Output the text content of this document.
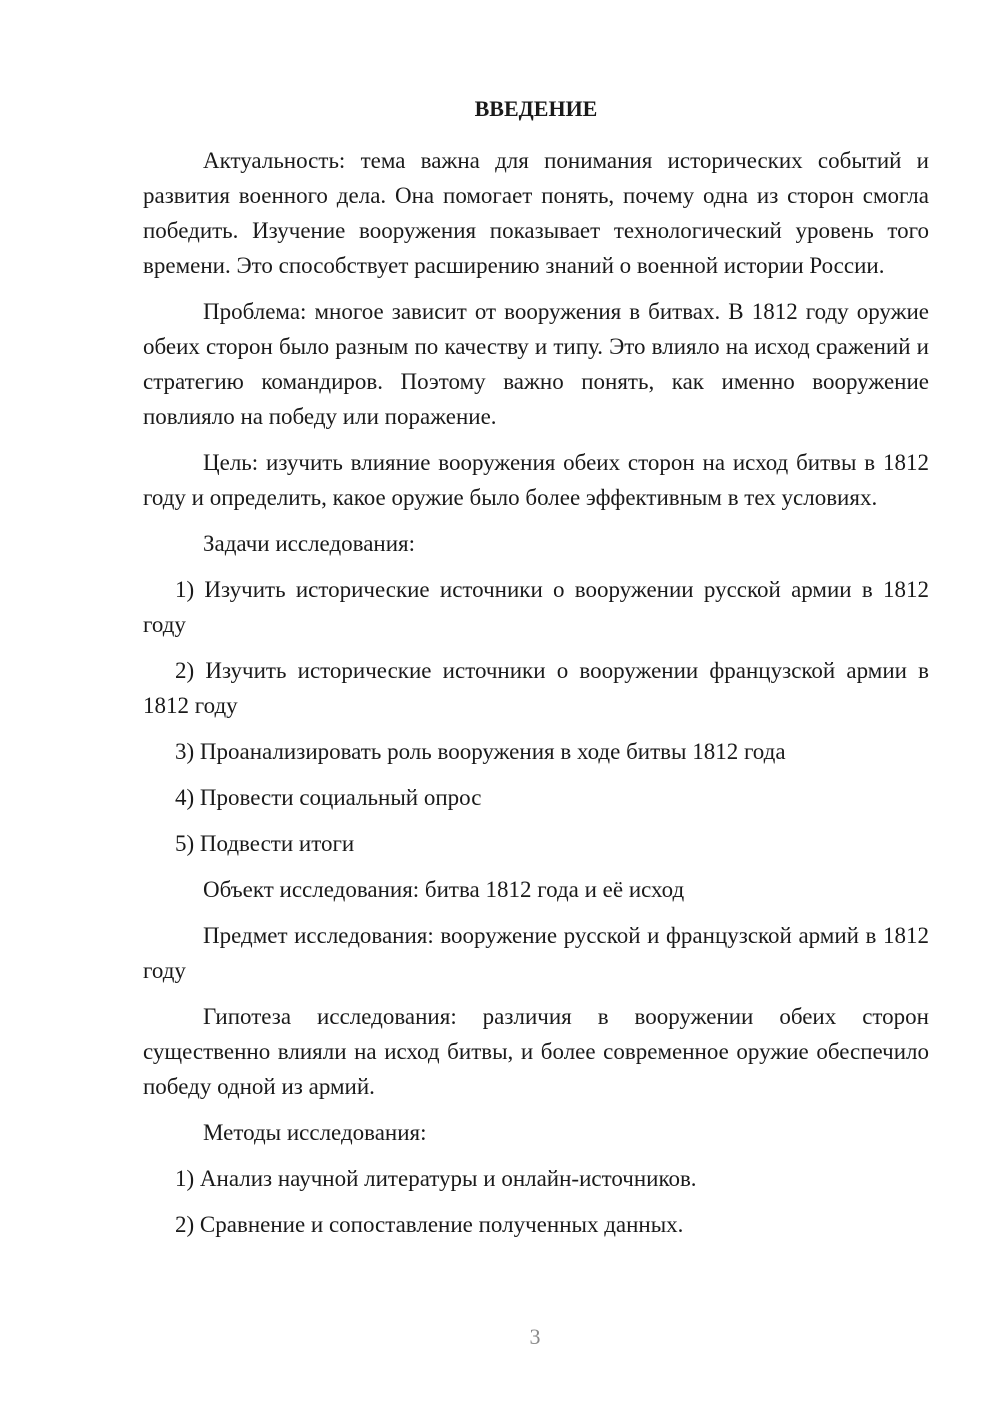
ВВЕДЕНИЕ

Актуальность: тема важна для понимания исторических событий и развития военного дела. Она помогает понять, почему одна из сторон смогла победить. Изучение вооружения показывает технологический уровень того времени. Это способствует расширению знаний о военной истории России.

Проблема: многое зависит от вооружения в битвах. В 1812 году оружие обеих сторон было разным по качеству и типу. Это влияло на исход сражений и стратегию командиров. Поэтому важно понять, как именно вооружение повлияло на победу или поражение.

Цель: изучить влияние вооружения обеих сторон на исход битвы в 1812 году и определить, какое оружие было более эффективным в тех условиях.

Задачи исследования:

1) Изучить исторические источники о вооружении русской армии в 1812 году

2) Изучить исторические источники о вооружении французской армии в 1812 году

3) Проанализировать роль вооружения в ходе битвы 1812 года

4) Провести социальный опрос

5) Подвести итоги

Объект исследования: битва 1812 года и её исход

Предмет исследования: вооружение русской и французской армий в 1812 году

Гипотеза исследования: различия в вооружении обеих сторон существенно влияли на исход битвы, и более современное оружие обеспечило победу одной из армий.

Методы исследования:

1) Анализ научной литературы и онлайн-источников.

2) Сравнение и сопоставление полученных данных.

3
